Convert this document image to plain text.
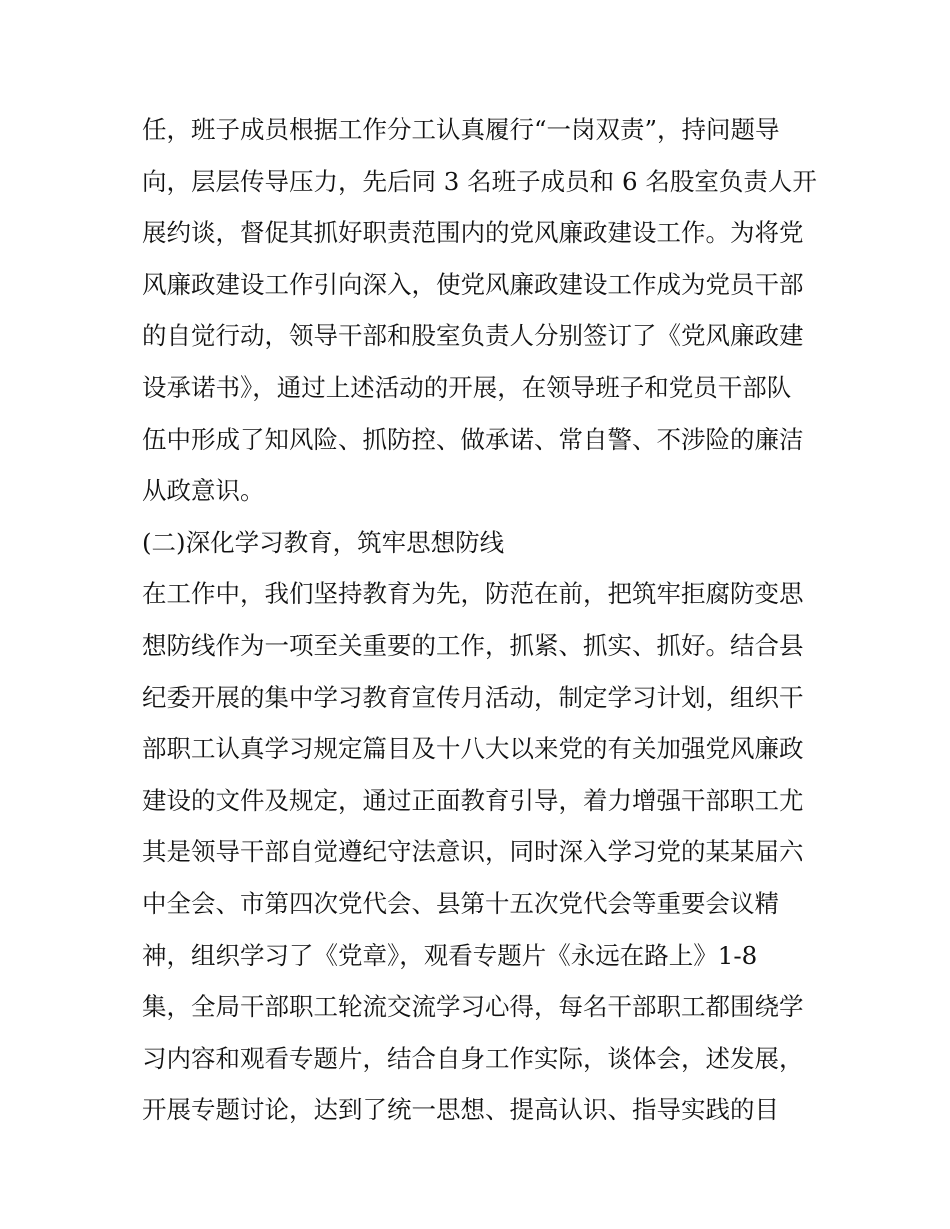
任，班子成员根据工作分工认真履行“一岗双责”，持问题导
向，层层传导压力，先后同 3 名班子成员和 6 名股室负责人开
展约谈，督促其抓好职责范围内的党风廉政建设工作。为将党
风廉政建设工作引向深入，使党风廉政建设工作成为党员干部
的自觉行动，领导干部和股室负责人分别签订了《党风廉政建
设承诺书》，通过上述活动的开展，在领导班子和党员干部队
伍中形成了知风险、抓防控、做承诺、常自警、不涉险的廉洁
从政意识。
(二)深化学习教育，筑牢思想防线
在工作中，我们坚持教育为先，防范在前，把筑牢拒腐防变思
想防线作为一项至关重要的工作，抓紧、抓实、抓好。结合县
纪委开展的集中学习教育宣传月活动，制定学习计划，组织干
部职工认真学习规定篇目及十八大以来党的有关加强党风廉政
建设的文件及规定，通过正面教育引导，着力增强干部职工尤
其是领导干部自觉遵纪守法意识，同时深入学习党的某某届六
中全会、市第四次党代会、县第十五次党代会等重要会议精
神，组织学习了《党章》，观看专题片《永远在路上》1-8
集，全局干部职工轮流交流学习心得，每名干部职工都围绕学
习内容和观看专题片，结合自身工作实际，谈体会，述发展，
开展专题讨论，达到了统一思想、提高认识、指导实践的目
